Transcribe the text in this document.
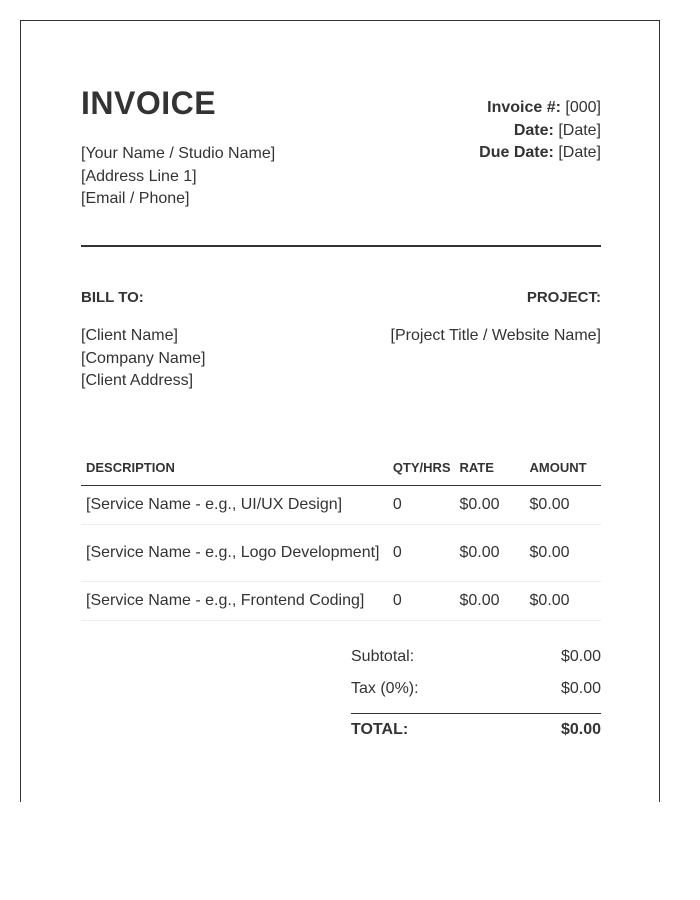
INVOICE
[Your Name / Studio Name]
[Address Line 1]
[Email / Phone]
Invoice #: [000]
Date: [Date]
Due Date: [Date]
BILL TO:	PROJECT:
[Client Name]
[Company Name]
[Client Address]
[Project Title / Website Name]
DESCRIPTION	QTY/HRS	RATE	AMOUNT
[Service Name - e.g., UI/UX Design]	0	$0.00	$0.00
[Service Name - e.g., Logo Development]	0	$0.00	$0.00
[Service Name - e.g., Frontend Coding]	0	$0.00	$0.00
Subtotal:	$0.00
Tax (0%):	$0.00
TOTAL:	$0.00
